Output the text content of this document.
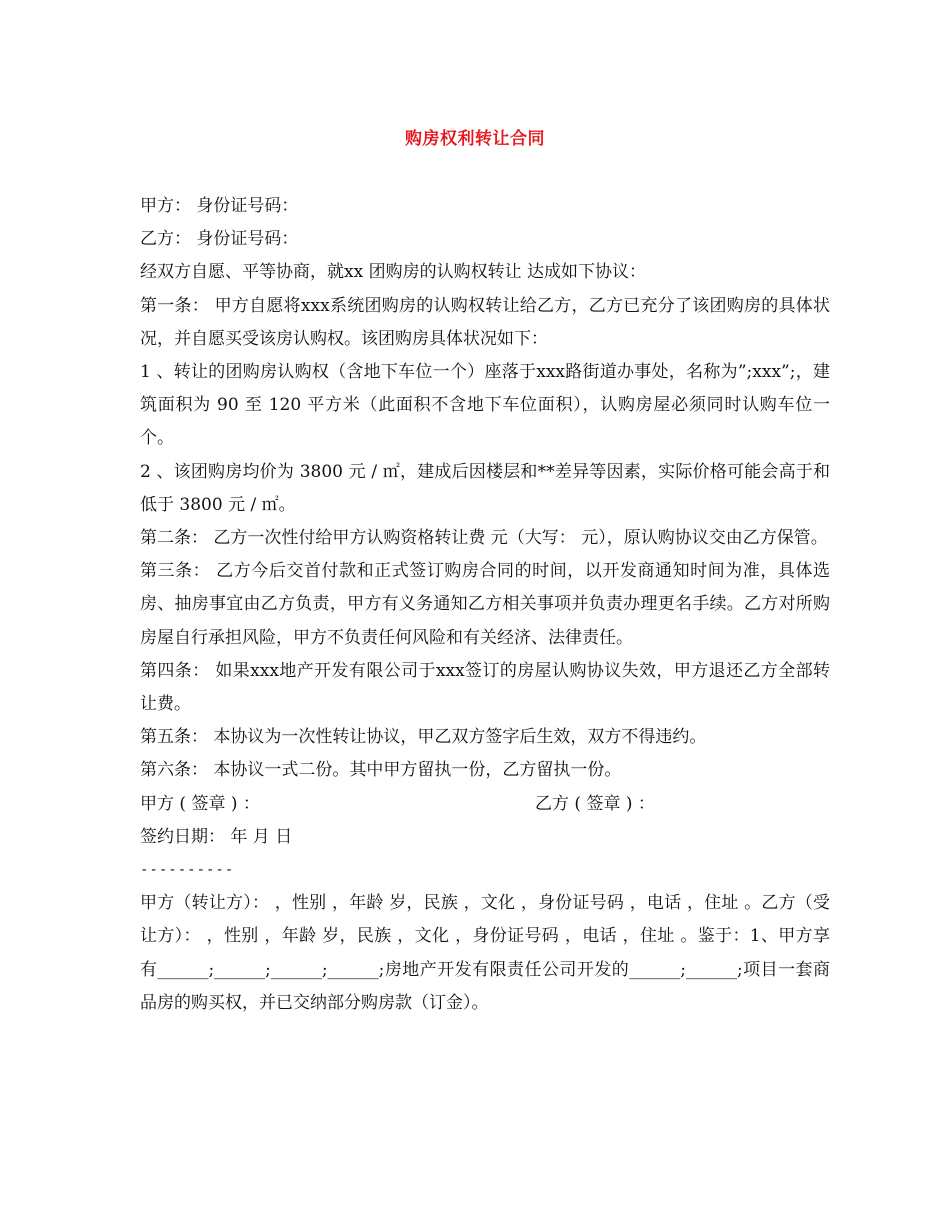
购房权利转让合同

甲方： 身份证号码：

乙方： 身份证号码：

经双方自愿、平等协商，就xx 团购房的认购权转让 达成如下协议：

第一条： 甲方自愿将xxx系统团购房的认购权转让给乙方，乙方已充分了该团购房的具体状况，并自愿买受该房认购权。该团购房具体状况如下：

1 、转让的团购房认购权（含地下车位一个）座落于xxx路街道办事处，名称为”;xxx”;，建筑面积为 90 至 120 平方米（此面积不含地下车位面积），认购房屋必须同时认购车位一个。

2 、该团购房均价为 3800 元 / ㎡，建成后因楼层和**差异等因素，实际价格可能会高于和低于 3800 元 / ㎡。

第二条： 乙方一次性付给甲方认购资格转让费 元（大写： 元），原认购协议交由乙方保管。

第三条： 乙方今后交首付款和正式签订购房合同的时间，以开发商通知时间为准，具体选房、抽房事宜由乙方负责，甲方有义务通知乙方相关事项并负责办理更名手续。乙方对所购房屋自行承担风险，甲方不负责任何风险和有关经济、法律责任。

第四条： 如果xxx地产开发有限公司于xxx签订的房屋认购协议失效，甲方退还乙方全部转让费。

第五条： 本协议为一次性转让协议，甲乙双方签字后生效，双方不得违约。

第六条： 本协议一式二份。其中甲方留执一份，乙方留执一份。

甲方 ( 签章 ) ：	乙方 ( 签章 ) ：

签约日期： 年 月 日

----------

甲方（转让方）： ，性别 ，年龄 岁，民族 ，文化 ，身份证号码 ，电话 ，住址 。乙方（受让方）： ，性别 ，年龄 岁，民族 ，文化 ，身份证号码 ，电话 ，住址 。鉴于：1、甲方享有______;______;______;______;房地产开发有限责任公司开发的______;______;项目一套商品房的购买权，并已交纳部分购房款（订金）。
